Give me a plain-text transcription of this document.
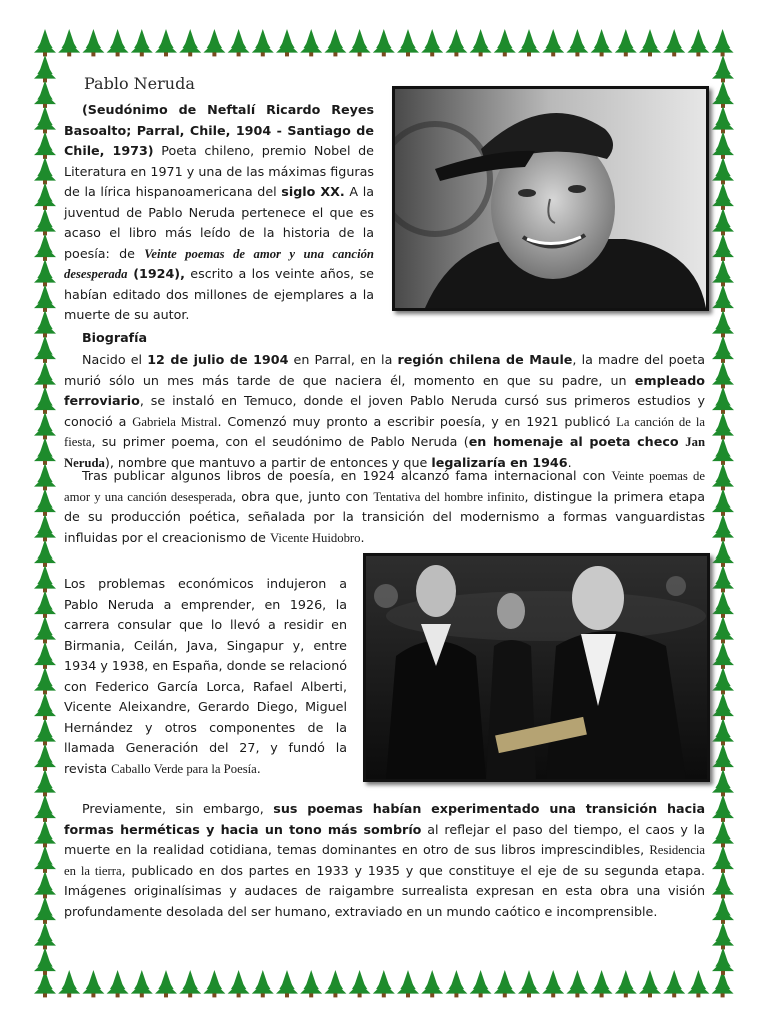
Pablo Neruda

(Seudónimo de Neftalí Ricardo Reyes Basoalto; Parral, Chile, 1904 - Santiago de Chile, 1973) Poeta chileno, premio Nobel de Literatura en 1971 y una de las máximas figuras de la lírica hispanoamericana del siglo XX. A la juventud de Pablo Neruda pertenece el que es acaso el libro más leído de la historia de la poesía: de Veinte poemas de amor y una canción desesperada (1924), escrito a los veinte años, se habían editado dos millones de ejemplares a la muerte de su autor.

Biografía

Nacido el 12 de julio de 1904 en Parral, en la región chilena de Maule, la madre del poeta murió sólo un mes más tarde de que naciera él, momento en que su padre, un empleado ferroviario, se instaló en Temuco, donde el joven Pablo Neruda cursó sus primeros estudios y conoció a Gabriela Mistral. Comenzó muy pronto a escribir poesía, y en 1921 publicó La canción de la fiesta, su primer poema, con el seudónimo de Pablo Neruda (en homenaje al poeta checo Jan Neruda), nombre que mantuvo a partir de entonces y que legalizaría en 1946.

Tras publicar algunos libros de poesía, en 1924 alcanzó fama internacional con Veinte poemas de amor y una canción desesperada, obra que, junto con Tentativa del hombre infinito, distingue la primera etapa de su producción poética, señalada por la transición del modernismo a formas vanguardistas influidas por el creacionismo de Vicente Huidobro.

Los problemas económicos indujeron a Pablo Neruda a emprender, en 1926, la carrera consular que lo llevó a residir en Birmania, Ceilán, Java, Singapur y, entre 1934 y 1938, en España, donde se relacionó con Federico García Lorca, Rafael Alberti, Vicente Aleixandre, Gerardo Diego, Miguel Hernández y otros componentes de la llamada Generación del 27, y fundó la revista Caballo Verde para la Poesía.

Previamente, sin embargo, sus poemas habían experimentado una transición hacia formas herméticas y hacia un tono más sombrío al reflejar el paso del tiempo, el caos y la muerte en la realidad cotidiana, temas dominantes en otro de sus libros imprescindibles, Residencia en la tierra, publicado en dos partes en 1933 y 1935 y que constituye el eje de su segunda etapa. Imágenes originalísimas y audaces de raigambre surrealista expresan en esta obra una visión profundamente desolada del ser humano, extraviado en un mundo caótico e incomprensible.
